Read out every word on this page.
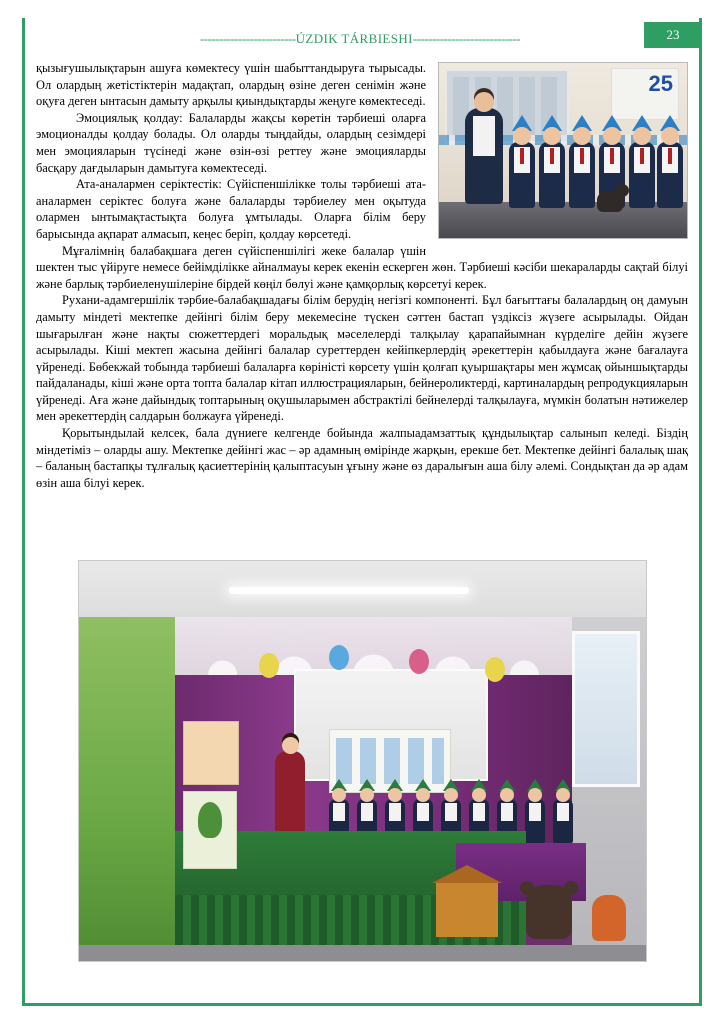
-------------------------ÚZDIK TÁRBIESHI----------------------------	23
25

қызығушылықтарын ашуға көмектесу үшін шабыттандыруға тырысады. Ол олардың жетістіктерін мадақтап, олардың өзіне деген сенімін және оқуға деген ынтасын дамыту арқылы қиындықтарды жеңуге көмектеседі.

Эмоциялық қолдау: Балаларды жақсы көретін тәрбиеші оларға эмоционалды қолдау болады. Ол оларды тыңдайды, олардың сезімдері мен эмоцияларын түсінеді және өзін-өзі реттеу және эмоцияларды басқару дағдыларын дамытуға көмектеседі.

Ата-аналармен серіктестік: Сүйіспеншілікке толы тәрбиеші ата-аналармен серіктес болуға және балаларды тәрбиелеу мен оқытуда олармен ынтымақтастықта болуға ұмтылады. Оларға білім беру барысында ақпарат алмасып, кеңес беріп, қолдау көрсетеді.

Мұғалімнің балабақшаға деген сүйіспеншілігі жеке балалар үшін шектен тыс үйіруге немесе бейімділікке айналмауы керек екенін ескерген жөн. Тәрбиеші кәсіби шекараларды сақтай білуі және барлық тәрбиеленушілеріне бірдей көңіл бөлуі және қамқорлық көрсетуі керек.

Рухани-адамгершілік тәрбие-балабақшадағы білім берудің негізгі компоненті. Бұл бағыттағы балалардың оң дамуын дамыту міндеті мектепке дейінгі білім беру мекемесіне түскен сәттен бастап үздіксіз жүзеге асырылады. Ойдан шығарылған және нақты сюжеттердегі моральдық мәселелерді талқылау қарапайымнан күрделіге дейін жүзеге асырылады. Кіші мектеп жасына дейінгі балалар суреттерден кейіпкерлердің әрекеттерін қабылдауға және бағалауға үйренеді. Бөбекжай тобында тәрбиеші балаларға көріністі көрсету үшін қолғап қуыршақтары мен жұмсақ ойыншықтарды пайдаланады, кіші және орта топта балалар кітап иллюстрацияларын, бейнероликтерді, картиналардың репродукцияларын үйренеді. Аға және дайындық топтарының оқушыларымен абстрактілі бейнелерді талқылауға, мүмкін болатын нәтижелер мен әрекеттердің салдарын болжауға үйренеді.

Қорытындылай келсек, бала дүниеге келгенде бойында жалпыадамзаттық құндылықтар салынып келеді. Біздің міндетіміз – оларды ашу. Мектепке дейінгі жас – әр адамның өмірінде жарқын, ерекше бет. Мектепке дейінгі балалық шақ – баланың бастапқы тұлғалық қасиеттерінің қалыптасуын ұғыну және өз даралығын аша білу әлемі. Сондықтан да әр адам өзін аша білуі керек.
